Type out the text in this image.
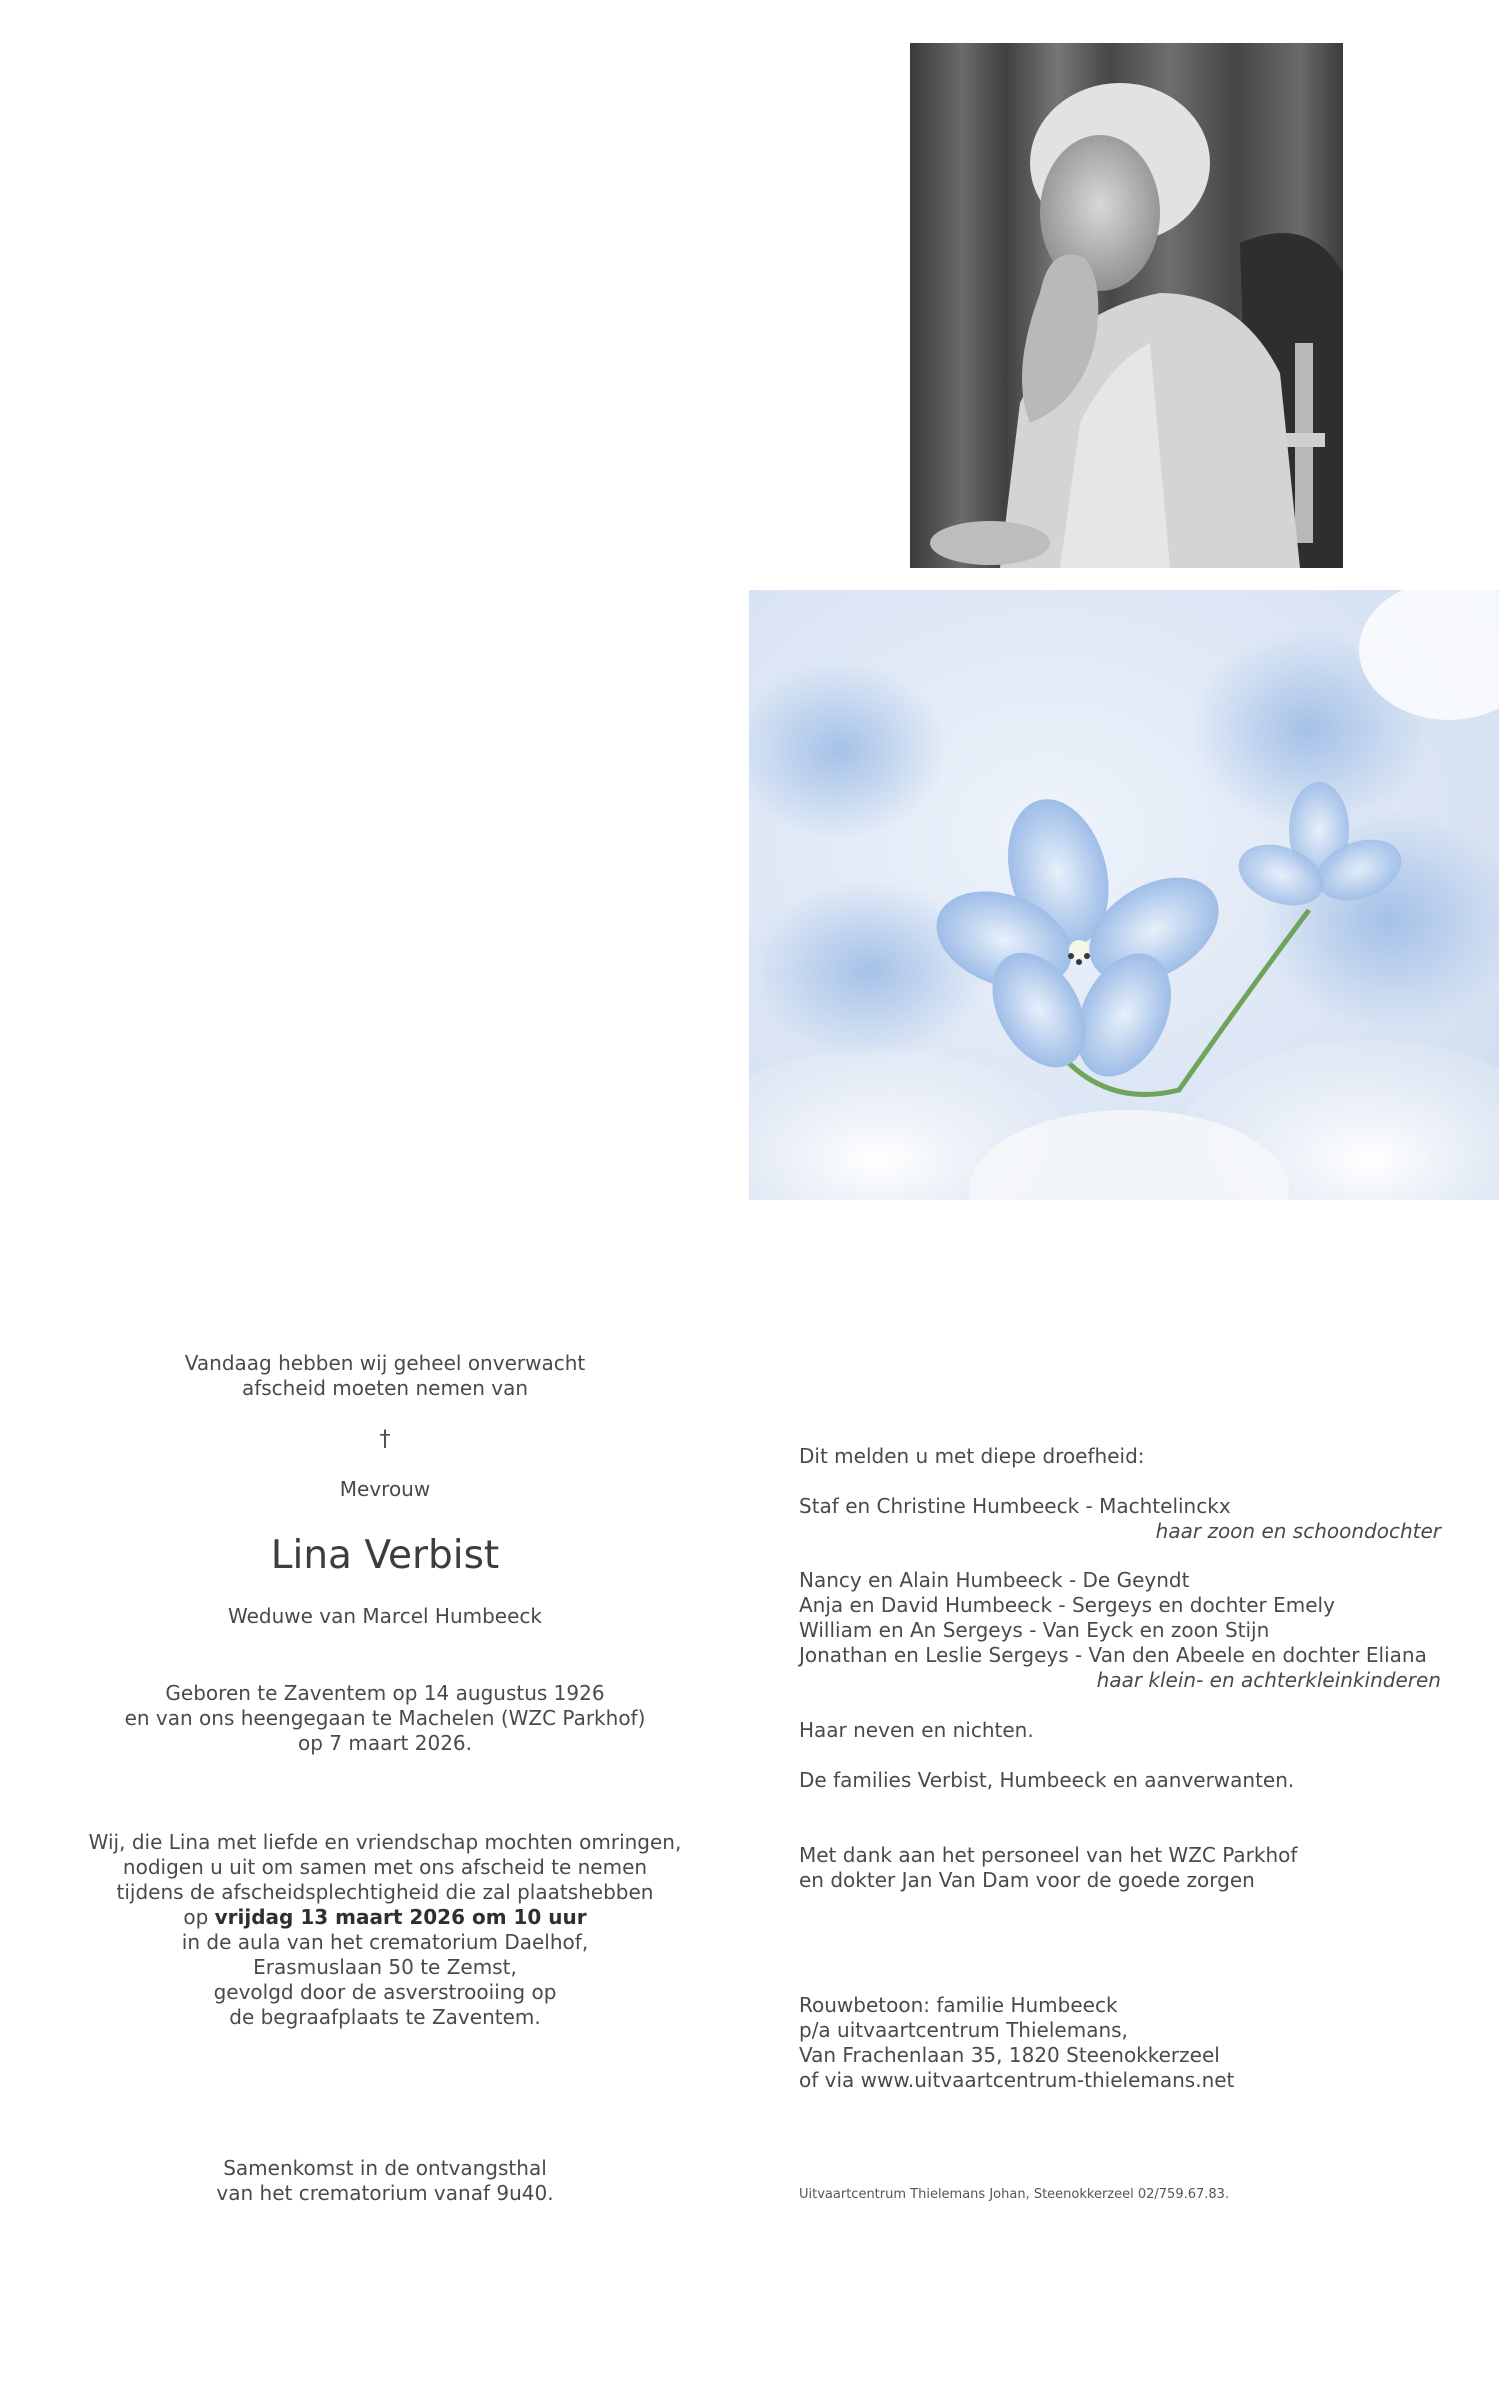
Vandaag hebben wij geheel onverwacht
afscheid moeten nemen van

†

Mevrouw

Lina Verbist

Weduwe van Marcel Humbeeck

Geboren te Zaventem op 14 augustus 1926
en van ons heengegaan te Machelen (WZC Parkhof)
op 7 maart 2026.

Wij, die Lina met liefde en vriendschap mochten omringen,
nodigen u uit om samen met ons afscheid te nemen
tijdens de afscheidsplechtigheid die zal plaatshebben
op vrijdag 13 maart 2026 om 10 uur
in de aula van het crematorium Daelhof,
Erasmuslaan 50 te Zemst,
gevolgd door de asverstrooiing op
de begraafplaats te Zaventem.

Samenkomst in de ontvangsthal
van het crematorium vanaf 9u40.

Dit melden u met diepe droefheid:
Staf en Christine Humbeeck - Machtelinckx
haar zoon en schoondochter
Nancy en Alain Humbeeck - De Geyndt
Anja en David Humbeeck - Sergeys en dochter Emely
William en An Sergeys - Van Eyck en zoon Stijn
Jonathan en Leslie Sergeys - Van den Abeele en dochter Eliana
haar klein- en achterkleinkinderen
Haar neven en nichten.
De families Verbist, Humbeeck en aanverwanten.
Met dank aan het personeel van het WZC Parkhof
en dokter Jan Van Dam voor de goede zorgen
Rouwbetoon: familie Humbeeck
p/a uitvaartcentrum Thielemans,
Van Frachenlaan 35, 1820 Steenokkerzeel
of via www.uitvaartcentrum-thielemans.net
Uitvaartcentrum Thielemans Johan, Steenokkerzeel 02/759.67.83.
